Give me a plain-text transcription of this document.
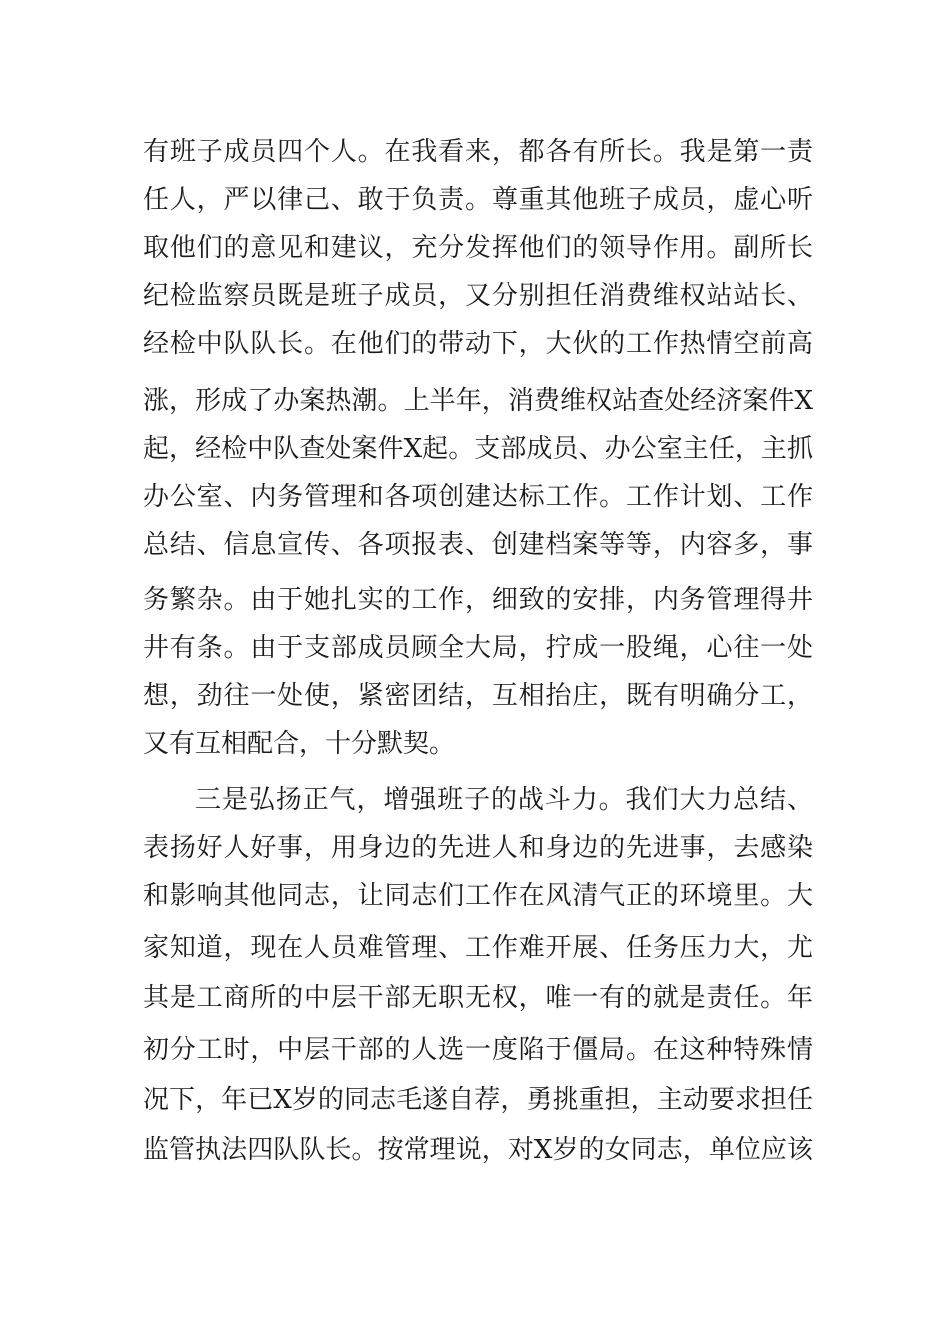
有班子成员四个人。在我看来，都各有所长。我是第一责
任人，严以律己、敢于负责。尊重其他班子成员，虚心听
取他们的意见和建议，充分发挥他们的领导作用。副所长
纪检监察员既是班子成员，又分别担任消费维权站站长、
经检中队队长。在他们的带动下，大伙的工作热情空前高
涨，形成了办案热潮。上半年，消费维权站查处经济案件X
起，经检中队查处案件X起。支部成员、办公室主任，主抓
办公室、内务管理和各项创建达标工作。工作计划、工作
总结、信息宣传、各项报表、创建档案等等，内容多，事
务繁杂。由于她扎实的工作，细致的安排，内务管理得井
井有条。由于支部成员顾全大局，拧成一股绳，心往一处
想，劲往一处使，紧密团结，互相抬庄，既有明确分工，
又有互相配合，十分默契。
三是弘扬正气，增强班子的战斗力。我们大力总结、
表扬好人好事，用身边的先进人和身边的先进事，去感染
和影响其他同志，让同志们工作在风清气正的环境里。大
家知道，现在人员难管理、工作难开展、任务压力大，尤
其是工商所的中层干部无职无权，唯一有的就是责任。年
初分工时，中层干部的人选一度陷于僵局。在这种特殊情
况下，年已X岁的同志毛遂自荐，勇挑重担，主动要求担任
监管执法四队队长。按常理说，对X岁的女同志，单位应该
